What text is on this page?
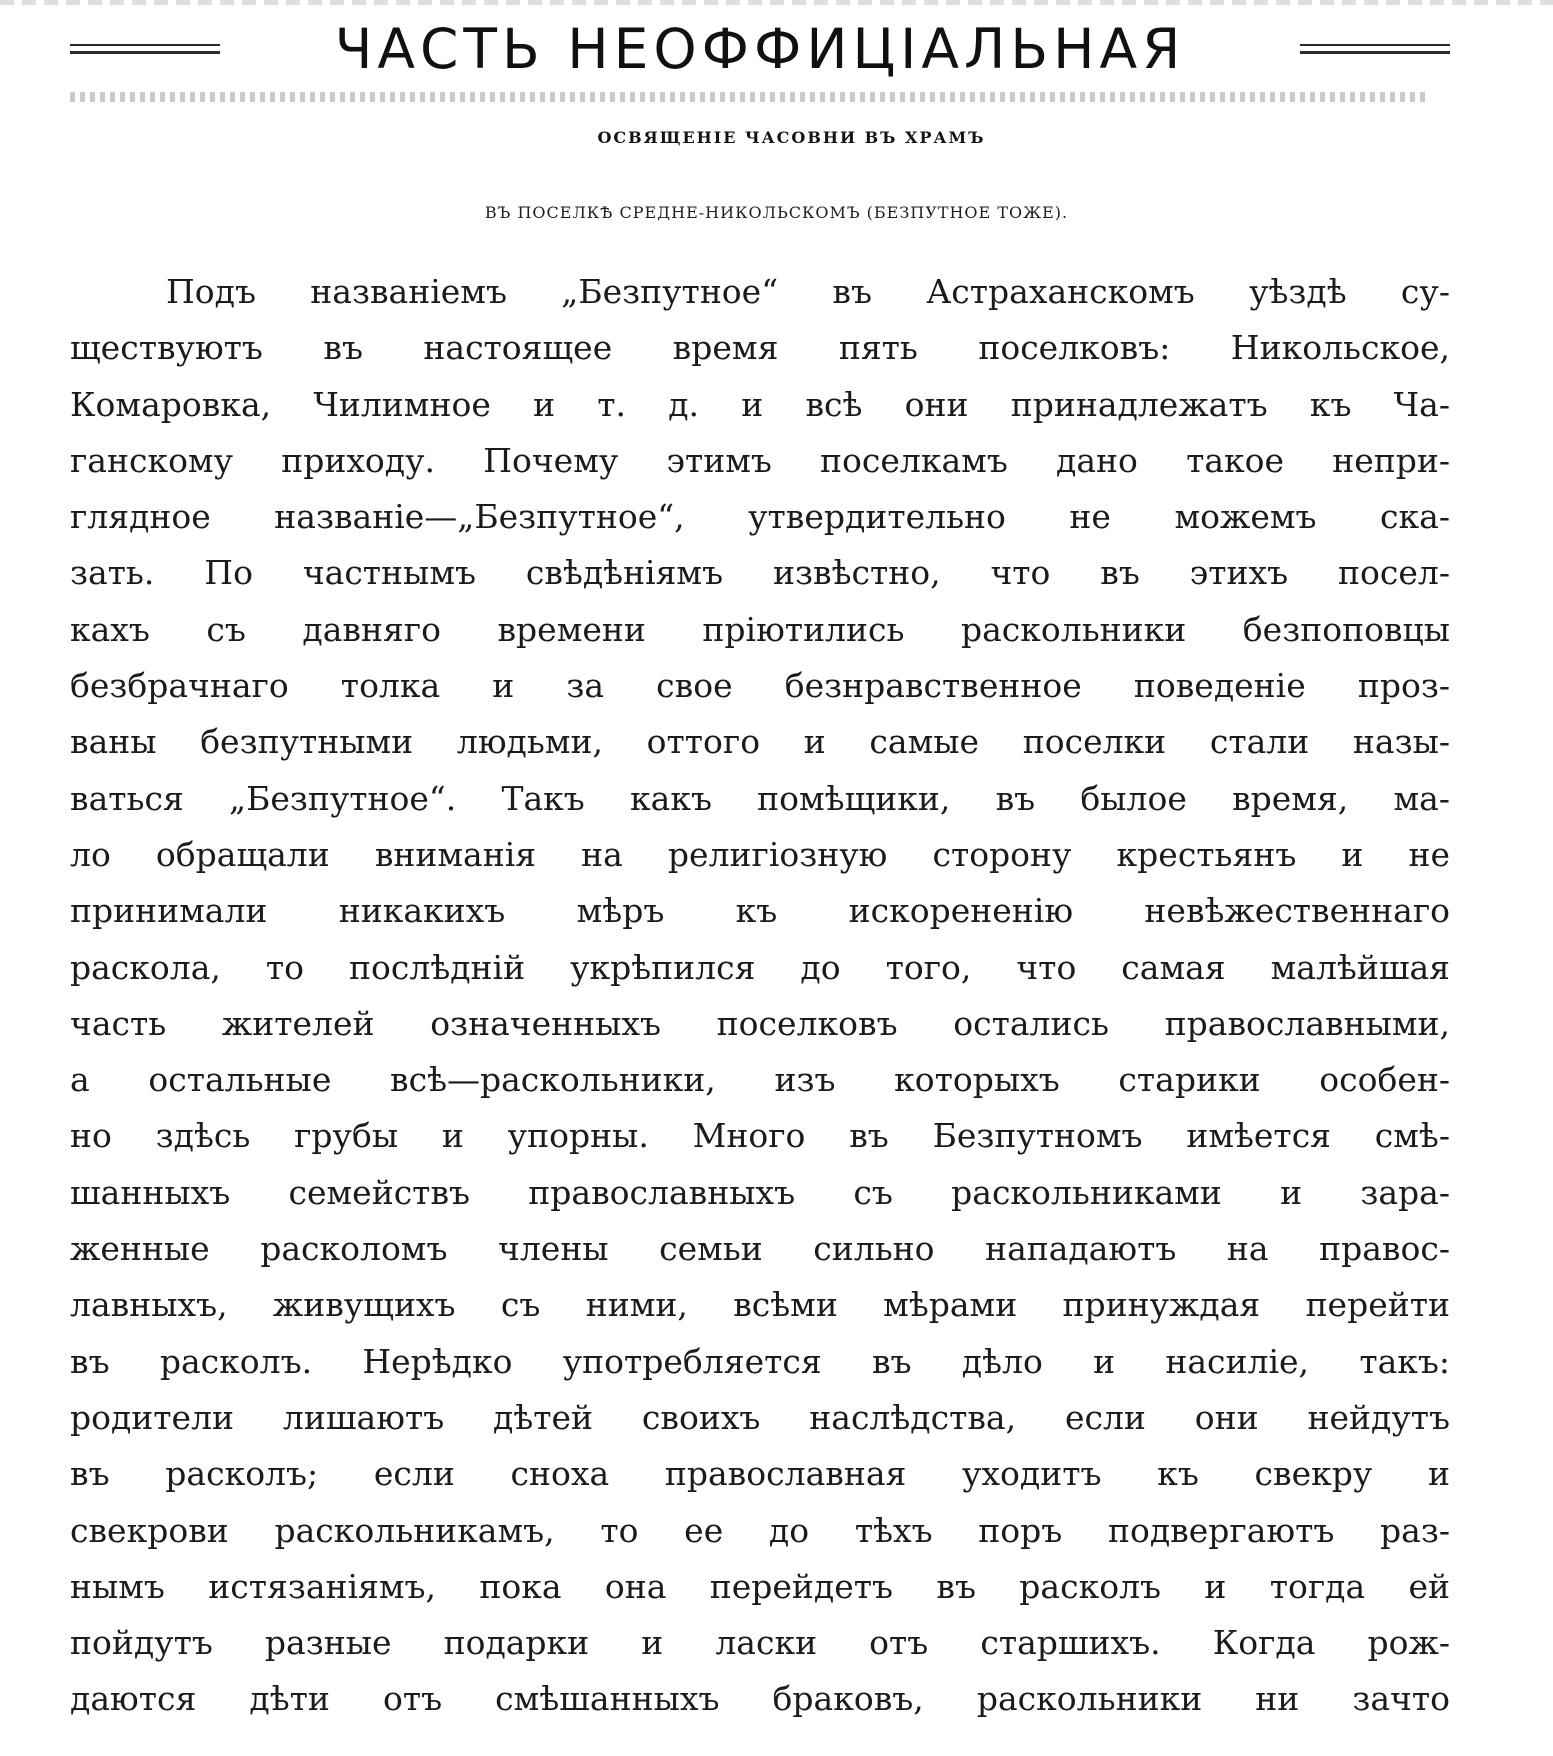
ЧАСТЬ НЕОФФИЦІАЛЬНАЯ
ОСВЯЩЕНІЕ ЧАСОВНИ ВЪ ХРАМЪ

ВЪ ПОСЕЛКѢ СРЕДНЕ-НИКОЛЬСКОМЪ (БЕЗПУТНОЕ ТОЖЕ).

Подъ названіемъ „Безпутное“ въ Астраханскомъ уѣздѣ су-
ществуютъ въ настоящее время пять поселковъ: Никольское,
Комаровка, Чилимное и т. д. и всѣ они принадлежатъ къ Ча-
ганскому приходу. Почему этимъ поселкамъ дано такое непри-
глядное названіе—„Безпутное“, утвердительно не можемъ ска-
зать. По частнымъ свѣдѣніямъ извѣстно, что въ этихъ посел-
кахъ съ давняго времени пріютились раскольники безпоповцы
безбрачнаго толка и за свое безнравственное поведеніе проз-
ваны безпутными людьми, оттого и самые поселки стали назы-
ваться „Безпутное“. Такъ какъ помѣщики, въ былое время, ма-
ло обращали вниманія на религіозную сторону крестьянъ и не
принимали никакихъ мѣръ къ искорененію невѣжественнаго
раскола, то послѣдній укрѣпился до того, что самая малѣйшая
часть жителей означенныхъ поселковъ остались православными,
а остальные всѣ—раскольники, изъ которыхъ старики особен-
но здѣсь грубы и упорны. Много въ Безпутномъ имѣется смѣ-
шанныхъ семействъ православныхъ съ раскольниками и зара-
женные расколомъ члены семьи сильно нападаютъ на правос-
лавныхъ, живущихъ съ ними, всѣми мѣрами принуждая перейти
въ расколъ. Нерѣдко употребляется въ дѣло и насиліе, такъ:
родители лишаютъ дѣтей своихъ наслѣдства, если они нейдутъ
въ расколъ; если сноха православная уходитъ къ свекру и
свекрови раскольникамъ, то ее до тѣхъ поръ подвергаютъ раз-
нымъ истязаніямъ, пока она перейдетъ въ расколъ и тогда ей
пойдутъ разные подарки и ласки отъ старшихъ. Когда рож-
даются дѣти отъ смѣшанныхъ браковъ, раскольники ни зачто
